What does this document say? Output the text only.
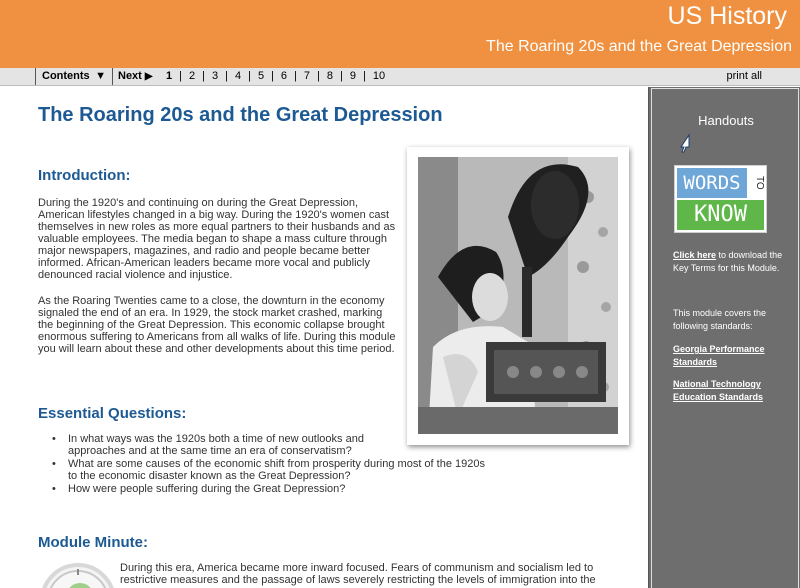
US History
The Roaring 20s and the Great Depression
Contents ▼ Next ▶ 1 | 2 | 3 | 4 | 5 | 6 | 7 | 8 | 9 | 10	print all
The Roaring 20s and the Great Depression
Introduction:

During the 1920's and continuing on during the Great Depression, American lifestyles changed in a big way. During the 1920's women cast themselves in new roles as more equal partners to their husbands and as valuable employees. The media began to shape a mass culture through major newspapers, magazines, and radio and people became better informed. African-American leaders became more vocal and publicly denounced racial violence and injustice.

As the Roaring Twenties came to a close, the downturn in the economy signaled the end of an era. In 1929, the stock market crashed, marking the beginning of the Great Depression. This economic collapse brought enormous suffering to Americans from all walks of life. During this module you will learn about these and other developments about this time period.

Essential Questions:
• In what ways was the 1920s both a time of new outlooks and approaches and at the same time an era of conservatism?
• What are some causes of the economic shift from prosperity during most of the 1920s to the economic disaster known as the Great Depression?
• How were people suffering during the Great Depression?
Module Minute:

During this era, America became more inward focused. Fears of communism and socialism led to restrictive measures and the passage of laws severely restricting the levels of immigration into the

Handouts
WORDS	TO
KNOW
Click here to download the Key Terms for this Module.
This module covers the following standards:
Georgia Performance Standards
National Technology Education Standards
